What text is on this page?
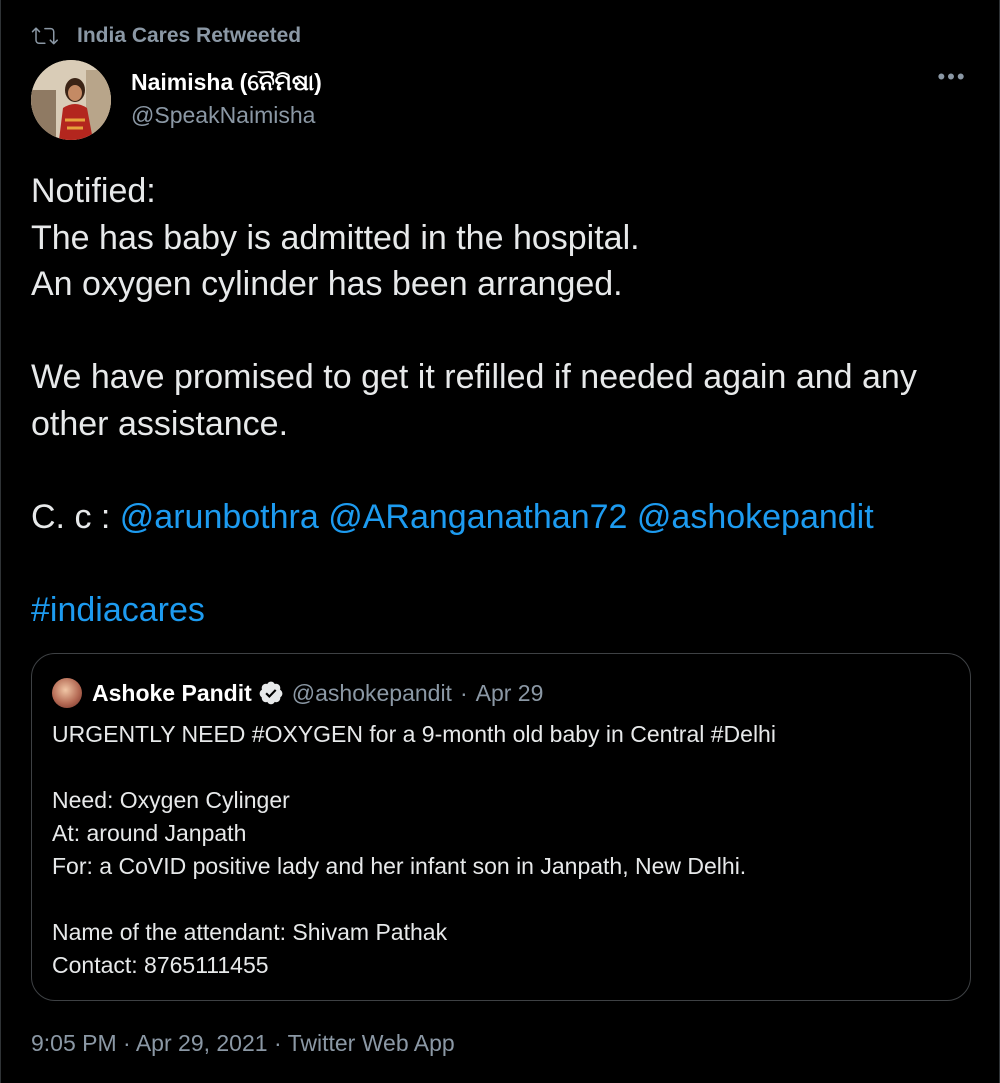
India Cares Retweeted
Naimisha (ନୈମିଷା)
@SpeakNaimisha
•••

Notified:

The has baby is admitted in the hospital.

An oxygen cylinder has been arranged.

We have promised to get it refilled if needed again and any other assistance.

C. c : @arunbothra @ARanganathan72 @ashokepandit

#indiacares

Ashoke Pandit @ashokepandit · Apr 29

URGENTLY NEED #OXYGEN for a 9-month old baby in Central #Delhi

Need: Oxygen Cylinger

At: around Janpath

For: a CoVID positive lady and her infant son in Janpath, New Delhi.

Name of the attendant: Shivam Pathak

Contact: 8765111455

9:05 PM · Apr 29, 2021 · Twitter Web App
